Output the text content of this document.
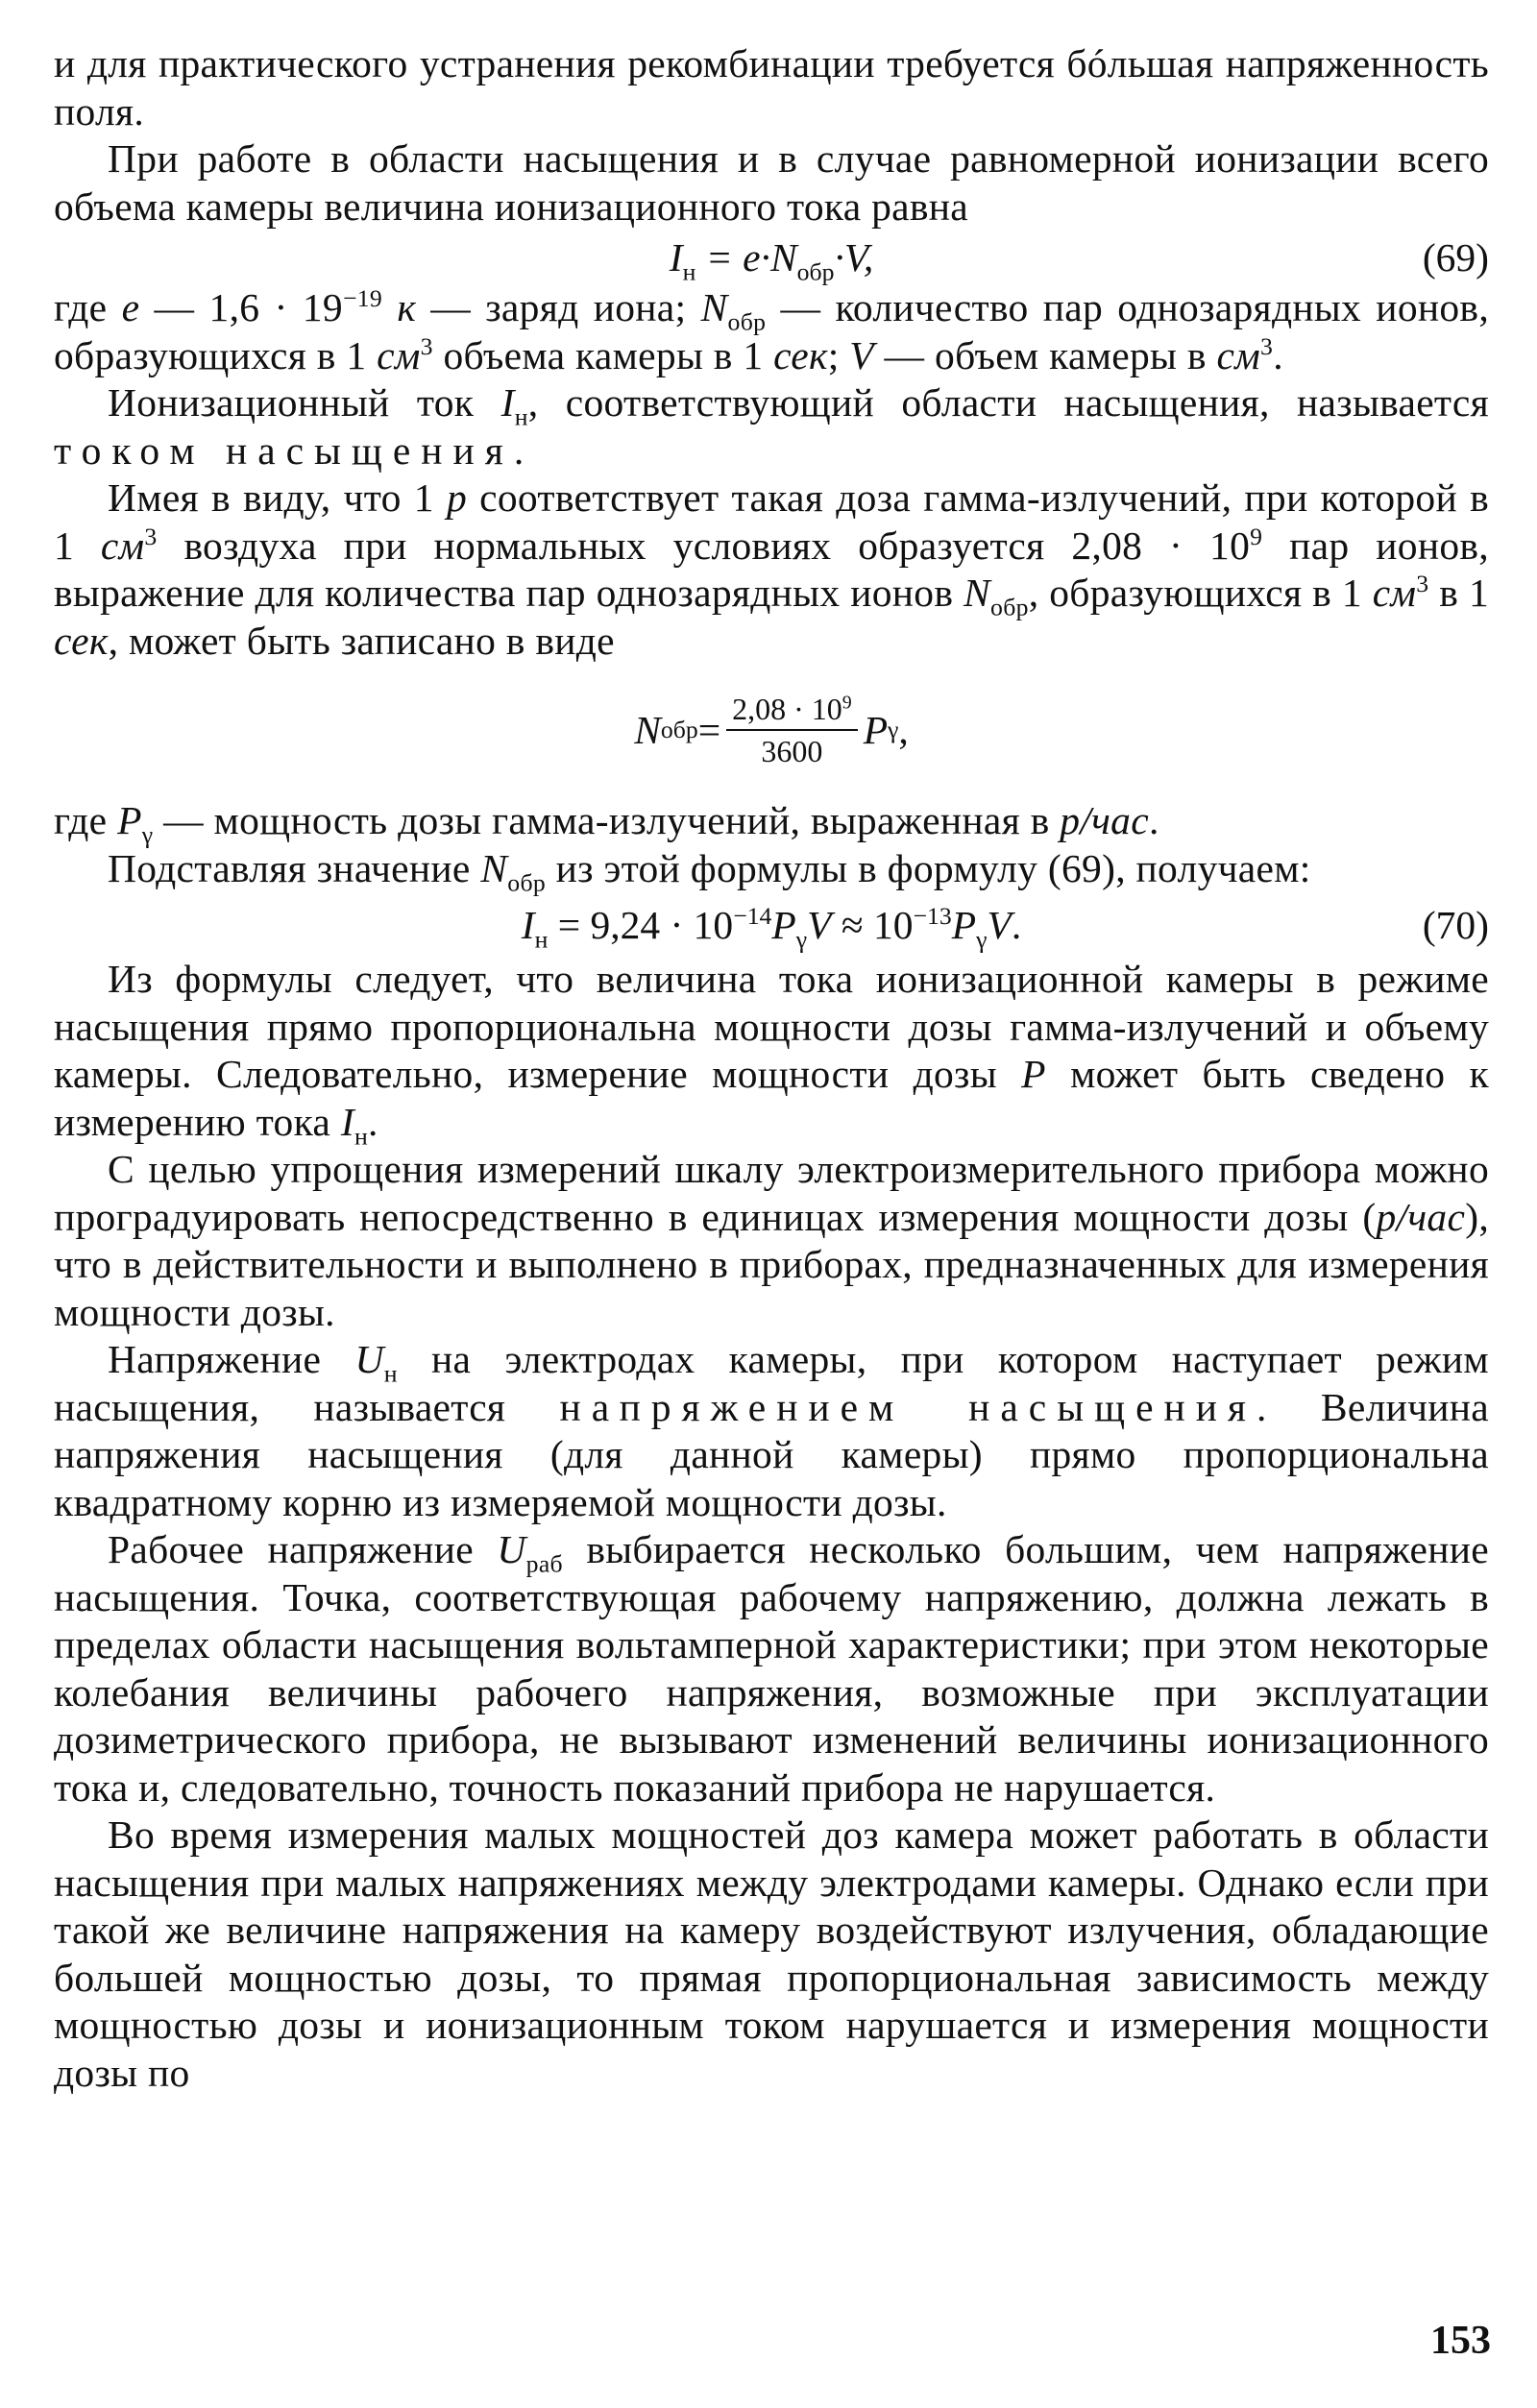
и для практического устранения рекомбинации требуется бóльшая напряженность поля.

При работе в области насыщения и в случае равномерной ионизации всего объема камеры величина ионизационного тока равна

$I_н = e\cdot N_{обр}\cdot V$,	(69)

где e — $1,6 \cdot 19^{-19}$ к — заряд иона; $N_{обр}$ — количество пар однозарядных ионов, образующихся в 1 $см^3$ объема камеры в 1 сек; V — объем камеры в $см^3$.

Ионизационный ток $I_н$, соответствующий области насыщения, называется током насыщения.

Имея в виду, что 1 р соответствует такая доза гамма-излучений, при которой в 1 $см^3$ воздуха при нормальных условиях образуется $2,08 \cdot 10^9$ пар ионов, выражение для количества пар однозарядных ионов $N_{обр}$, образующихся в 1 $см^3$ в 1 сек, может быть записано в виде

N обр = $\frac{2,08 \cdot 10^9}{3600}$ P γ ,

где $P_\gamma$ — мощность дозы гамма-излучений, выраженная в р/час.

Подставляя значение $N_{обр}$ из этой формулы в формулу (69), получаем:

$I_н = 9,24 \cdot 10^{-14}P_\gamma V \approx 10^{-13}P_\gamma V$.	(70)

Из формулы следует, что величина тока ионизационной камеры в режиме насыщения прямо пропорциональна мощности дозы гамма-излучений и объему камеры. Следовательно, измерение мощности дозы P может быть сведено к измерению тока $I_н$.

С целью упрощения измерений шкалу электроизмерительного прибора можно проградуировать непосредственно в единицах измерения мощности дозы (р/час), что в действительности и выполнено в приборах, предназначенных для измерения мощности дозы.

Напряжение $U_н$ на электродах камеры, при котором наступает режим насыщения, называется напряжением насыщения. Величина напряжения насыщения (для данной камеры) прямо пропорциональна квадратному корню из измеряемой мощности дозы.

Рабочее напряжение $U_{раб}$ выбирается несколько большим, чем напряжение насыщения. Точка, соответствующая рабочему напряжению, должна лежать в пределах области насыщения вольтамперной характеристики; при этом некоторые колебания величины рабочего напряжения, возможные при эксплуатации дозиметрического прибора, не вызывают изменений величины ионизационного тока и, следовательно, точность показаний прибора не нарушается.

Во время измерения малых мощностей доз камера может работать в области насыщения при малых напряжениях между электродами камеры. Однако если при такой же величине напряжения на камеру воздействуют излучения, обладающие большей мощностью дозы, то прямая пропорциональная зависимость между мощностью дозы и ионизационным током нарушается и измерения мощности дозы по

153
